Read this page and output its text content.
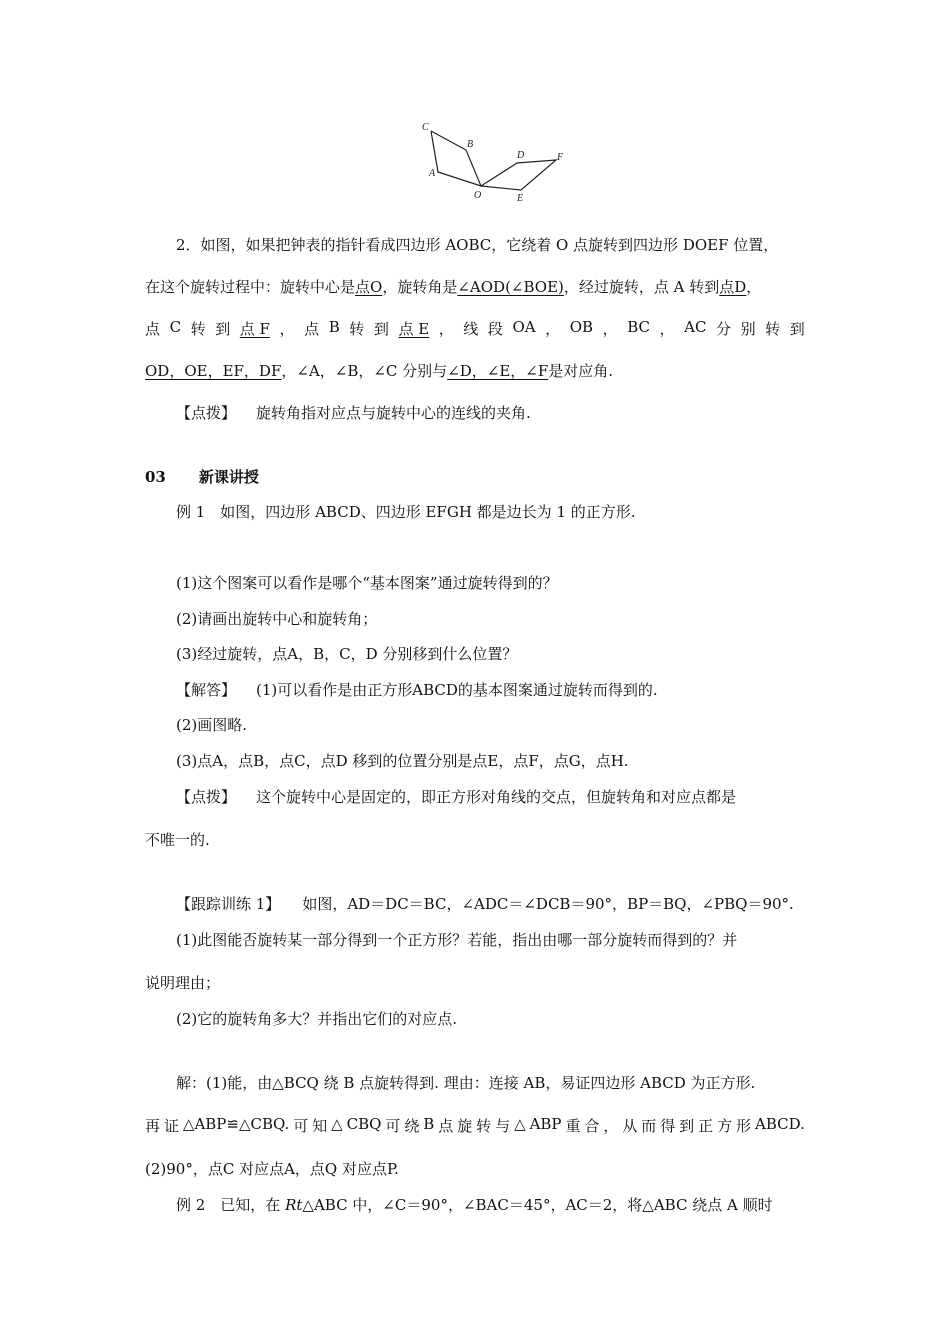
C
B
A
D	F
O	E
2．如图，如果把钟表的指针看成四边形 AOBC，它绕着 O 点旋转到四边形 DOEF 位置，
在这个旋转过程中：旋转中心是点O，旋转角是∠AOD(∠BOE)，经过旋转，点 A 转到点D，
点 C 转 到 点 F ， 点 B 转 到 点 E ， 线 段 OA ， OB ， BC ， AC 分 别 转 到
OD，OE，EF，DF，∠A，∠B，∠C 分别与∠D，∠E，∠F是对应角.
【点拨】 旋转角指对应点与旋转中心的连线的夹角.
03 新课讲授
例 1　如图，四边形 ABCD、四边形 EFGH 都是边长为 1 的正方形.
(1)这个图案可以看作是哪个“基本图案”通过旋转得到的？
(2)请画出旋转中心和旋转角；
(3)经过旋转，点A，B，C，D 分别移到什么位置？
【解答】 (1)可以看作是由正方形ABCD的基本图案通过旋转而得到的.
(2)画图略.
(3)点A，点B，点C，点D 移到的位置分别是点E，点F，点G，点H.
【点拨】 这个旋转中心是固定的，即正方形对角线的交点，但旋转角和对应点都是
不唯一的.
【跟踪训练 1】 如图，AD＝DC＝BC，∠ADC＝∠DCB＝90°，BP＝BQ，∠PBQ＝90°.
(1)此图能否旋转某一部分得到一个正方形？若能，指出由哪一部分旋转而得到的？并
说明理由；
(2)它的旋转角多大？并指出它们的对应点.
解：(1)能，由△BCQ 绕 B 点旋转得到. 理由：连接 AB，易证四边形 ABCD 为正方形.
再 证 △ABP≌△CBQ. 可 知 △ CBQ 可 绕 B 点 旋 转 与 △ ABP 重 合 ， 从 而 得 到 正 方 形 ABCD.
(2)90°，点C 对应点A，点Q 对应点P.
例 2　已知，在 Rt△ABC 中，∠C＝90°，∠BAC＝45°，AC＝2，将△ABC 绕点 A 顺时
